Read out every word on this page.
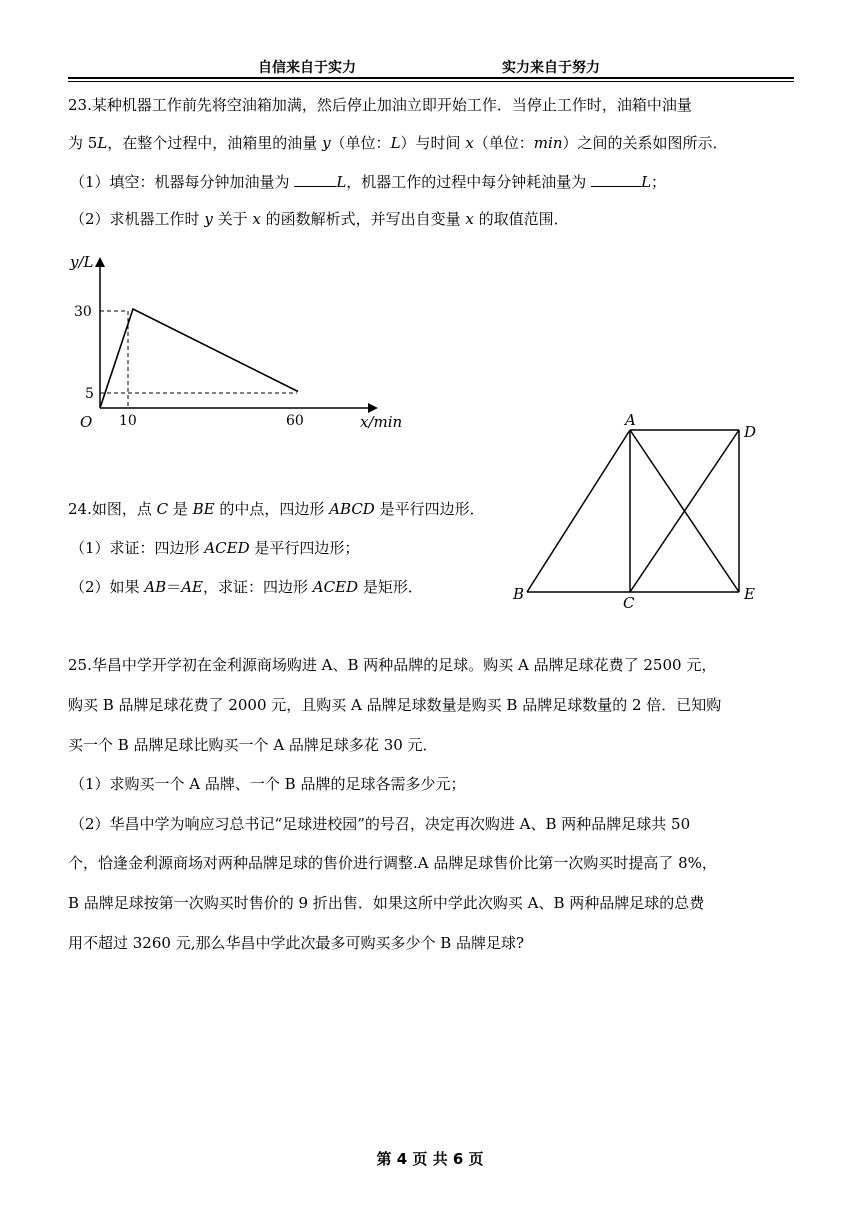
自信来自于实力	实力来自于努力
23.某种机器工作前先将空油箱加满，然后停止加油立即开始工作．当停止工作时，油箱中油量
为 5L，在整个过程中，油箱里的油量 y（单位：L）与时间 x（单位：min）之间的关系如图所示．
（1）填空：机器每分钟加油量为	L，机器工作的过程中每分钟耗油量为	L；
（2）求机器工作时 y 关于 x 的函数解析式，并写出自变量 x 的取值范围．
y/L
x/min
O
30
5
10	60
24.如图，点 C 是 BE 的中点，四边形 ABCD 是平行四边形．
（1）求证：四边形 ACED 是平行四边形；
（2）如果 AB＝AE，求证：四边形 ACED 是矩形．
A
D
B	C	E
25.华昌中学开学初在金利源商场购进 A、B 两种品牌的足球。购买 A 品牌足球花费了 2500 元，
购买 B 品牌足球花费了 2000 元，且购买 A 品牌足球数量是购买 B 品牌足球数量的 2 倍．已知购
买一个 B 品牌足球比购买一个 A 品牌足球多花 30 元．
（1）求购买一个 A 品牌、一个 B 品牌的足球各需多少元；
（2）华昌中学为响应习总书记“足球进校园”的号召，决定再次购进 A、B 两种品牌足球共 50
个，恰逢金利源商场对两种品牌足球的售价进行调整.A 品牌足球售价比第一次购买时提高了 8%，
B 品牌足球按第一次购买时售价的 9 折出售．如果这所中学此次购买 A、B 两种品牌足球的总费
用不超过 3260 元,那么华昌中学此次最多可购买多少个 B 品牌足球?
第 4 页 共 6 页
